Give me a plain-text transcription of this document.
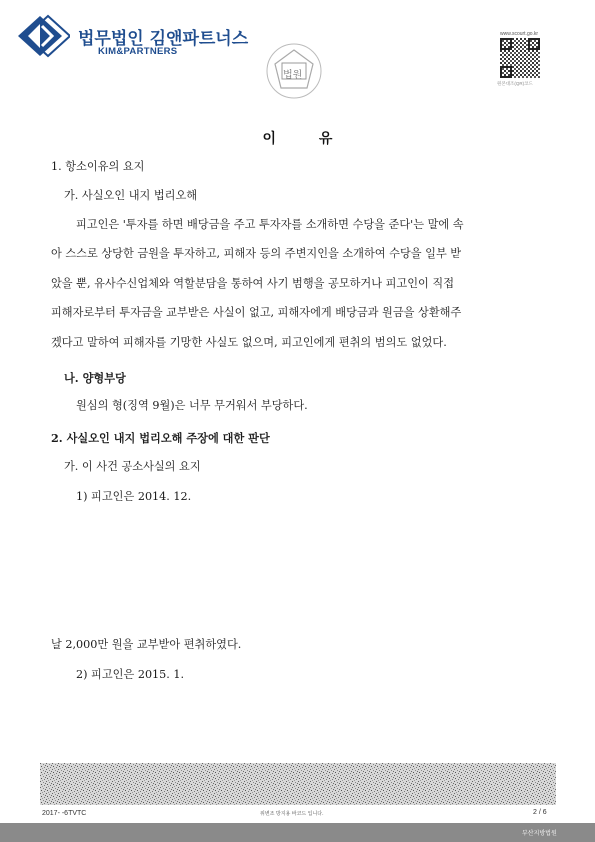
법무법인 김앤파트너스
KIM&PARTNERS
법원
www.scourt.go.kr
원본대조(QR)코드
이 유
1. 항소이유의 요지
가. 사실오인 내지 법리오해
피고인은 '투자를 하면 배당금을 주고 투자자를 소개하면 수당을 준다'는 말에 속
아 스스로 상당한 금원을 투자하고, 피해자 등의 주변지인을 소개하여 수당을 일부 받
았을 뿐, 유사수신업체와 역할분담을 통하여 사기 범행을 공모하거나 피고인이 직접
피해자로부터 투자금을 교부받은 사실이 없고, 피해자에게 배당금과 원금을 상환해주
겠다고 말하여 피해자를 기망한 사실도 없으며, 피고인에게 편취의 범의도 없었다.
나. 양형부당
원심의 형(징역 9월)은 너무 무거워서 부당하다.
2. 사실오인 내지 법리오해 주장에 대한 판단
가. 이 사건 공소사실의 요지
1) 피고인은 2014. 12.
날 2,000만 원을 교부받아 편취하였다.
2) 피고인은 2015. 1.
2017- -6TVTC	위변조 방지용 바코드 입니다.	2 / 6
부산지방법원
